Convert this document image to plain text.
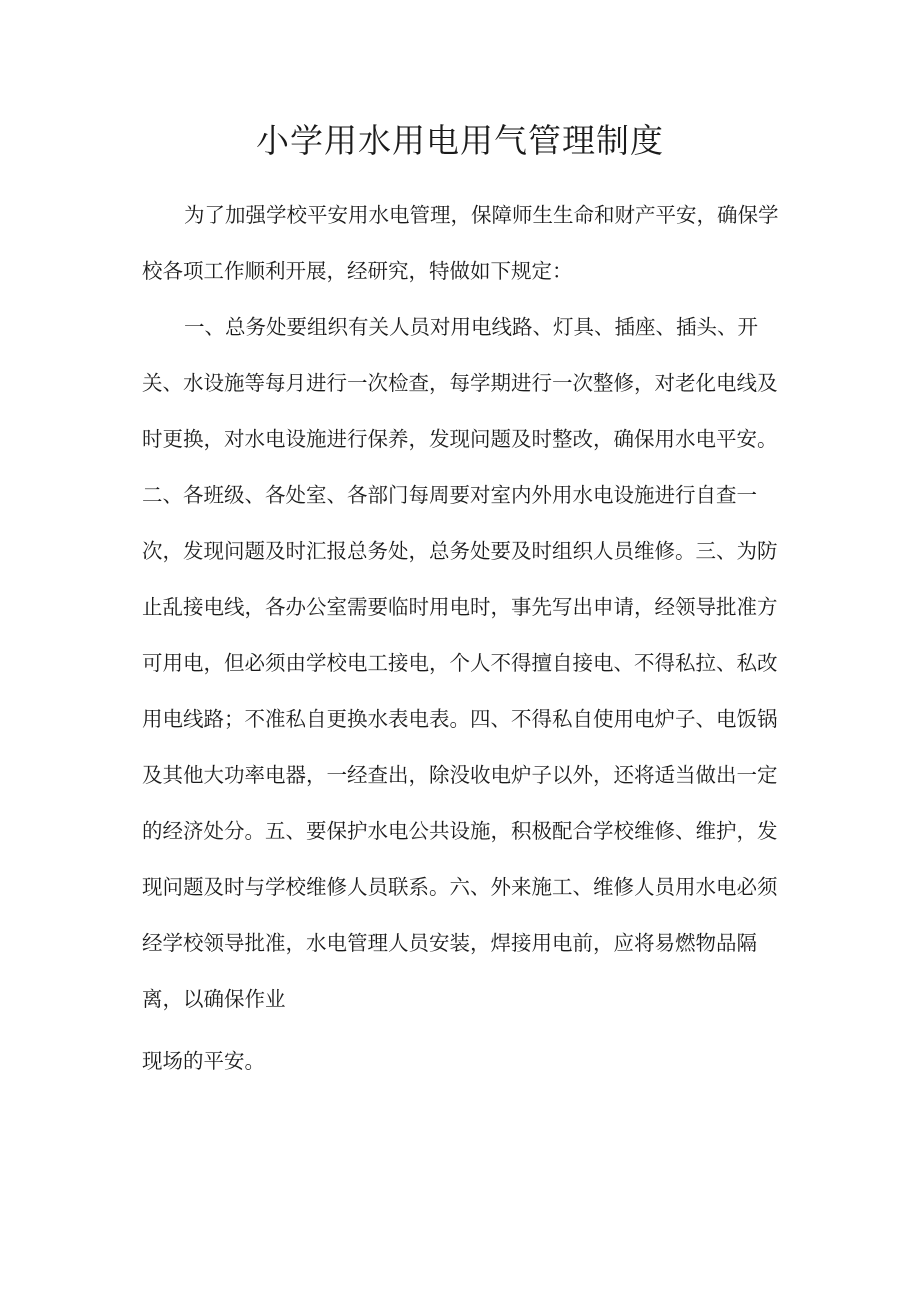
小学用水用电用气管理制度

为了加强学校平安用水电管理，保障师生生命和财产平安，确保学

校各项工作顺利开展，经研究，特做如下规定：

一、总务处要组织有关人员对用电线路、灯具、插座、插头、开

关、水设施等每月进行一次检查，每学期进行一次整修，对老化电线及

时更换，对水电设施进行保养，发现问题及时整改，确保用水电平安。

二、各班级、各处室、各部门每周要对室内外用水电设施进行自查一

次，发现问题及时汇报总务处，总务处要及时组织人员维修。三、为防

止乱接电线，各办公室需要临时用电时，事先写出申请，经领导批准方

可用电，但必须由学校电工接电，个人不得擅自接电、不得私拉、私改

用电线路；不准私自更换水表电表。四、不得私自使用电炉子、电饭锅

及其他大功率电器，一经查出，除没收电炉子以外，还将适当做出一定

的经济处分。五、要保护水电公共设施，积极配合学校维修、维护，发

现问题及时与学校维修人员联系。六、外来施工、维修人员用水电必须

经学校领导批准，水电管理人员安装，焊接用电前，应将易燃物品隔

离，以确保作业

现场的平安。
